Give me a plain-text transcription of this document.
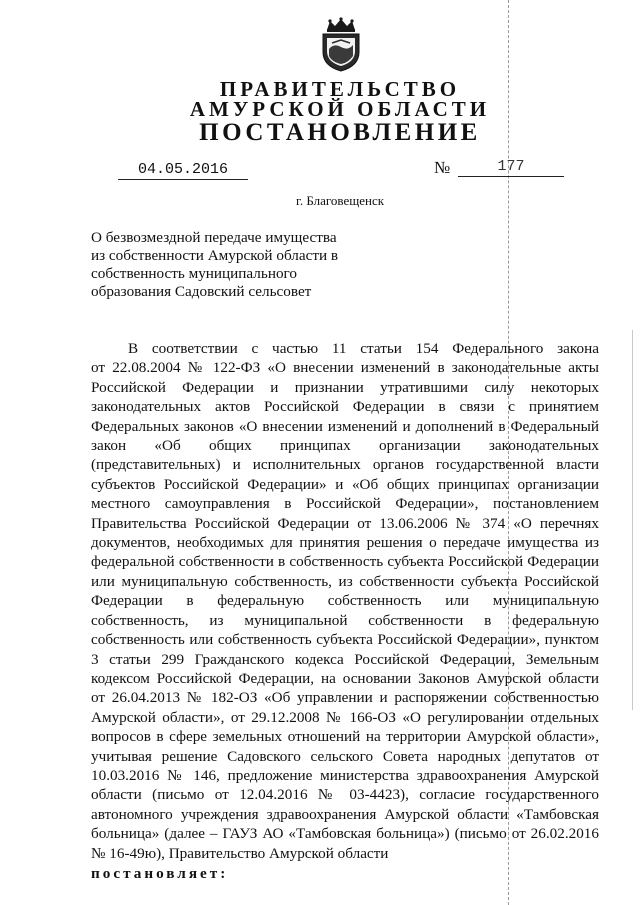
ПРАВИТЕЛЬСТВО
АМУРСКОЙ ОБЛАСТИ
ПОСТАНОВЛЕНИЕ
04.05.2016	№	177
г. Благовещенск
О безвозмездной передаче имущества
из собственности Амурской области в
собственность муниципального
образования Садовский сельсовет
В соответствии с частью 11 статьи 154 Федерального закона
от 22.08.2004 № 122-ФЗ «О внесении изменений в законодательные акты
Российской Федерации и признании утратившими силу некоторых
законодательных актов Российской Федерации в связи с принятием
Федеральных законов «О внесении изменений и дополнений в Федеральный
закон «Об общих принципах организации законодательных
(представительных) и исполнительных органов государственной власти
субъектов Российской Федерации» и «Об общих принципах организации
местного самоуправления в Российской Федерации», постановлением
Правительства Российской Федерации от 13.06.2006 № 374 «О перечнях
документов, необходимых для принятия решения о передаче имущества из
федеральной собственности в собственность субъекта Российской Федерации
или муниципальную собственность, из собственности субъекта Российской
Федерации в федеральную собственность или муниципальную
собственность, из муниципальной собственности в федеральную
собственность или собственность субъекта Российской Федерации», пунктом
3 статьи 299 Гражданского кодекса Российской Федерации, Земельным
кодексом Российской Федерации, на основании Законов Амурской области
от 26.04.2013 № 182-ОЗ «Об управлении и распоряжении собственностью
Амурской области», от 29.12.2008 № 166-ОЗ «О регулировании отдельных
вопросов в сфере земельных отношений на территории Амурской области»,
учитывая решение Садовского сельского Совета народных депутатов от
10.03.2016 № 146, предложение министерства здравоохранения Амурской
области (письмо от 12.04.2016 № 03-4423), согласие государственного
автономного учреждения здравоохранения Амурской области «Тамбовская
больница» (далее – ГАУЗ АО «Тамбовская больница») (письмо от 26.02.2016
№ 16-49ю), Правительство Амурской области
постановляет:
